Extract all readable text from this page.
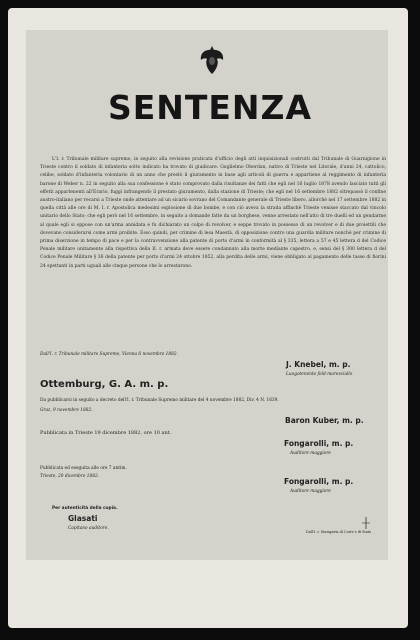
SENTENZA
L'I. r. Tribunale militare supremo, in seguito alla revisione praticata d'ufficio degli atti inquisizionali costrutti dal Tribunale di Guarnigione in Trieste contro il soldato di infanteria sotto indicato ha trovato di giudicare: Guglielmo Oberdan, nativo di Trieste nel Litorale, d'anni 24, cattolico, celibe, soldato d'infanteria volontario di un anno che prestò il giuramento in base agli articoli di guerra e appartiene al reggimento di infanteria barone di Weber n. 22 in seguito alla sua confessione è stato comprovato dalla risultanze dei fatti che egli nel 16 luglio 1878 avendo lasciato tutti gli effetti appartenenti all'Erario, fuggì infrangendo il prestato giuramento, dalla stazione di Trieste; che egli nel 16 settembre 1882 oltrepassò il confine austro-italiano per recarsi a Trieste onde attentare ad un sicario sovrano del Comandante generale di Trieste libero, allorchè nel 17 settembre 1882 in quella città alle ore di M. I. r. Apostolica medesimi esplosione di due bombe, e con ciò aveva la strada affinchè Trieste venisse staccato dal vincolo unitario dello Stato; che egli però nel 16 settembre, in seguito a domande fatte da un borghese, venne arrestato nell'atto di tre duelli ed un gendarme al quale egli si oppose con un'arma annidata e fu dichiarato un colpo di revolver, e seppe trovato in possesso di un revolver e di due proiettili che dovevano considerarsi come armi proibite. Esso quindi, per crimine di lesa Maestà, di opposizione contro una guardia militare nonchè per crimine di prima diserzione in tempo di pace e per la contravvenzione alla patente di porto d'armi in conformità al § 335, lettera a 57 e 45 lettera d del Codice Penale militare unitamente alla rispettiva della II. r. armata deve essere condannato alla morte mediante capestro, e, sensi del § 300 lettera d del Codice Penale Militare § 36 della patente per porto d'armi 24 ottobre 1852, alla perdita delle armi, viene obbligato al pagamento delle tasse di fiorini 24 spettanti in parti uguali alle cinque persone che lo arrestarono.
Dall'I. r. Tribunale militare Supremo, Vienna 6 novembre 1882.
J. Knebel, m. p.
Luogotenente feld-maresciallo
Ottemburg, G. A. m. p.
Da pubblicarsi in seguito a decreto dell'I. r. Tribunale Supremo militare del 4 novembre 1882, Div. 4 N. 1639.
Graz, 9 novembre 1882.
Baron Kuber, m. p.
Pubblicata in Trieste 19 dicembre 1882, ore 10 ant.
Fongarolli, m. p.
Auditore maggiore
Pubblicata ed eseguita alle ore 7 antim.
Trieste, 20 dicembre 1882.
Fongarolli, m. p.
Auditore maggiore
Per autenticità della copia.
Glasati
Capitano auditore.
Dall'I. r. Stamperia di Corte e di Stato
